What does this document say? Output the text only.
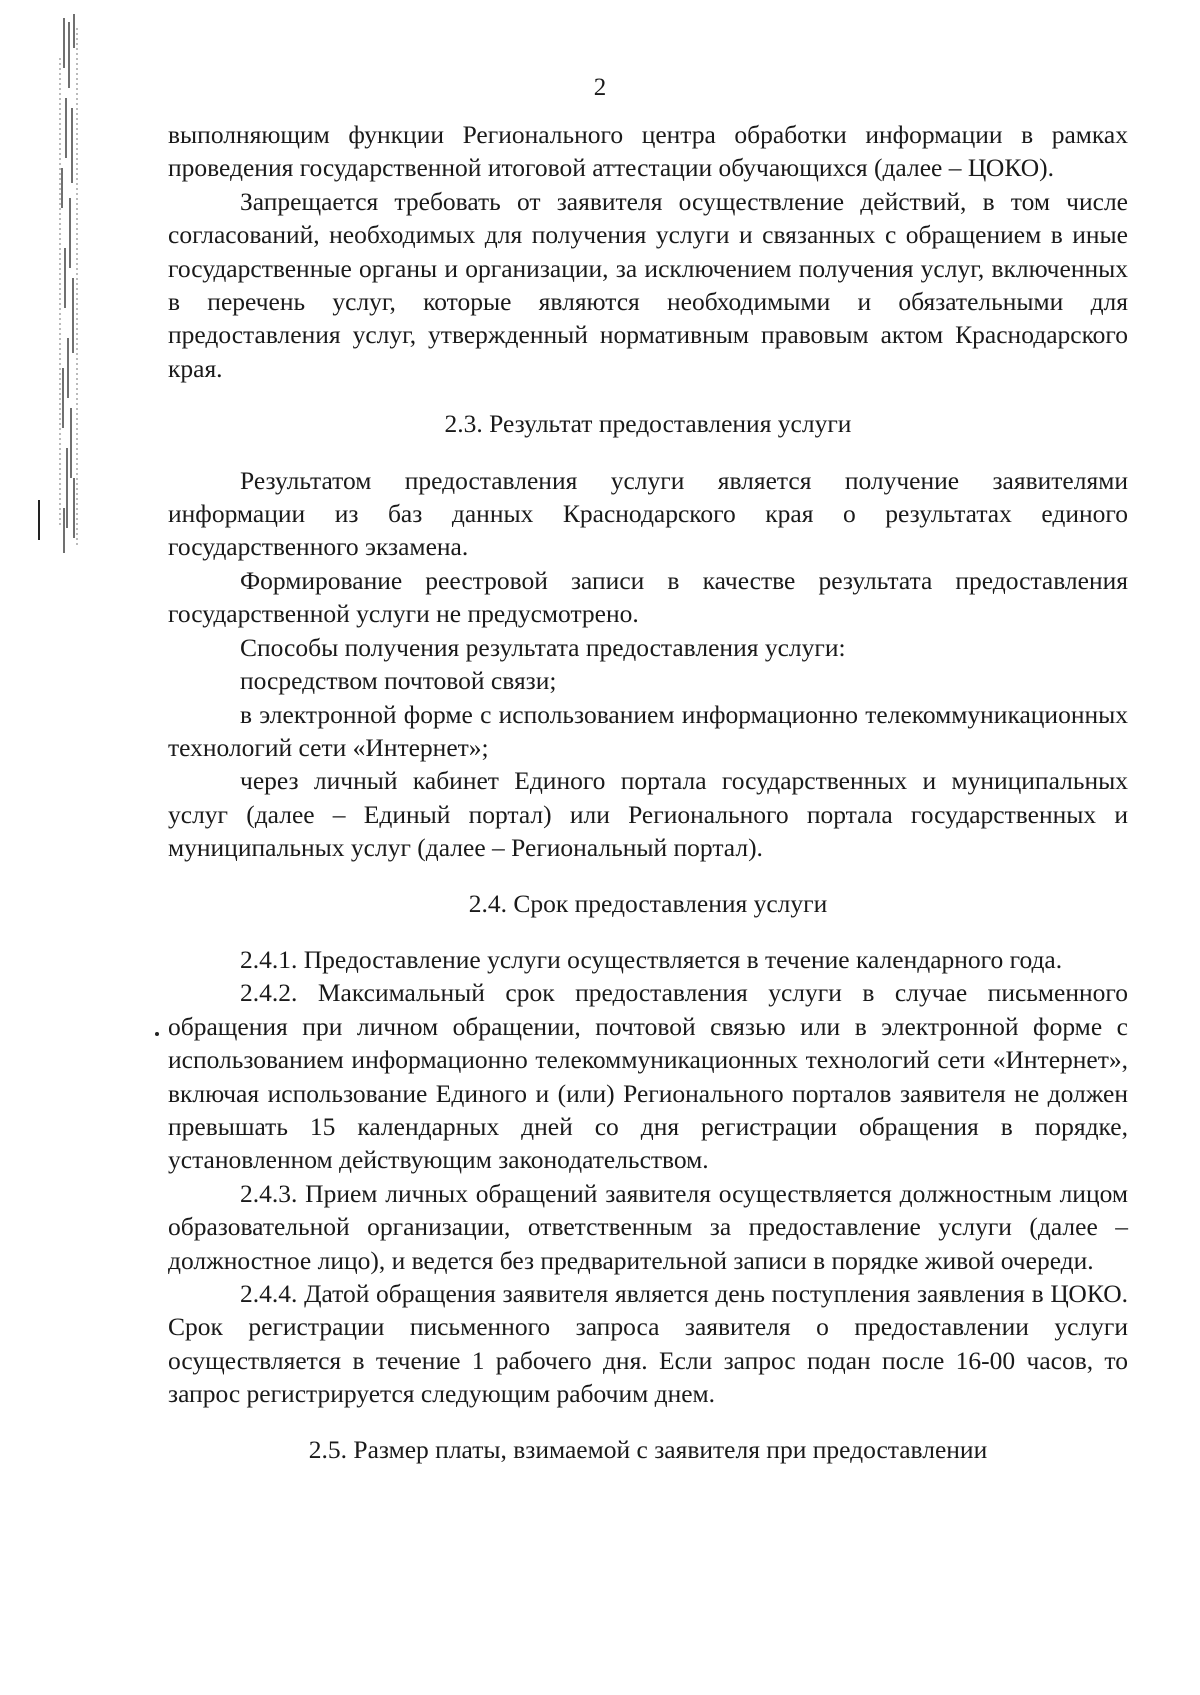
2

выполняющим функции Регионального центра обработки информации в рамках проведения государственной итоговой аттестации обучающихся (далее – ЦОКО).

Запрещается требовать от заявителя осуществление действий, в том числе согласований, необходимых для получения услуги и связанных с обращением в иные государственные органы и организации, за исключением получения услуг, включенных в перечень услуг, которые являются необходимыми и обязательными для предоставления услуг, утвержденный нормативным правовым актом Краснодарского края.

2.3. Результат предоставления услуги

Результатом предоставления услуги является получение заявителями информации из баз данных Краснодарского края о результатах единого государственного экзамена.

Формирование реестровой записи в качестве результата предоставления государственной услуги не предусмотрено.

Способы получения результата предоставления услуги:

посредством почтовой связи;

в электронной форме с использованием информационно телекоммуникационных технологий сети «Интернет»;

через личный кабинет Единого портала государственных и муниципальных услуг (далее – Единый портал) или Регионального портала государственных и муниципальных услуг (далее – Региональный портал).

2.4. Срок предоставления услуги

2.4.1. Предоставление услуги осуществляется в течение календарного года.

2.4.2. Максимальный срок предоставления услуги в случае письменного обращения при личном обращении, почтовой связью или в электронной форме с использованием информационно телекоммуникационных технологий сети «Интернет», включая использование Единого и (или) Регионального порталов заявителя не должен превышать 15 календарных дней со дня регистрации обращения в порядке, установленном действующим законодательством.

2.4.3. Прием личных обращений заявителя осуществляется должностным лицом образовательной организации, ответственным за предоставление услуги (далее – должностное лицо), и ведется без предварительной записи в порядке живой очереди.

2.4.4. Датой обращения заявителя является день поступления заявления в ЦОКО. Срок регистрации письменного запроса заявителя о предоставлении услуги осуществляется в течение 1 рабочего дня. Если запрос подан после 16-00 часов, то запрос регистрируется следующим рабочим днем.

2.5. Размер платы, взимаемой с заявителя при предоставлении
